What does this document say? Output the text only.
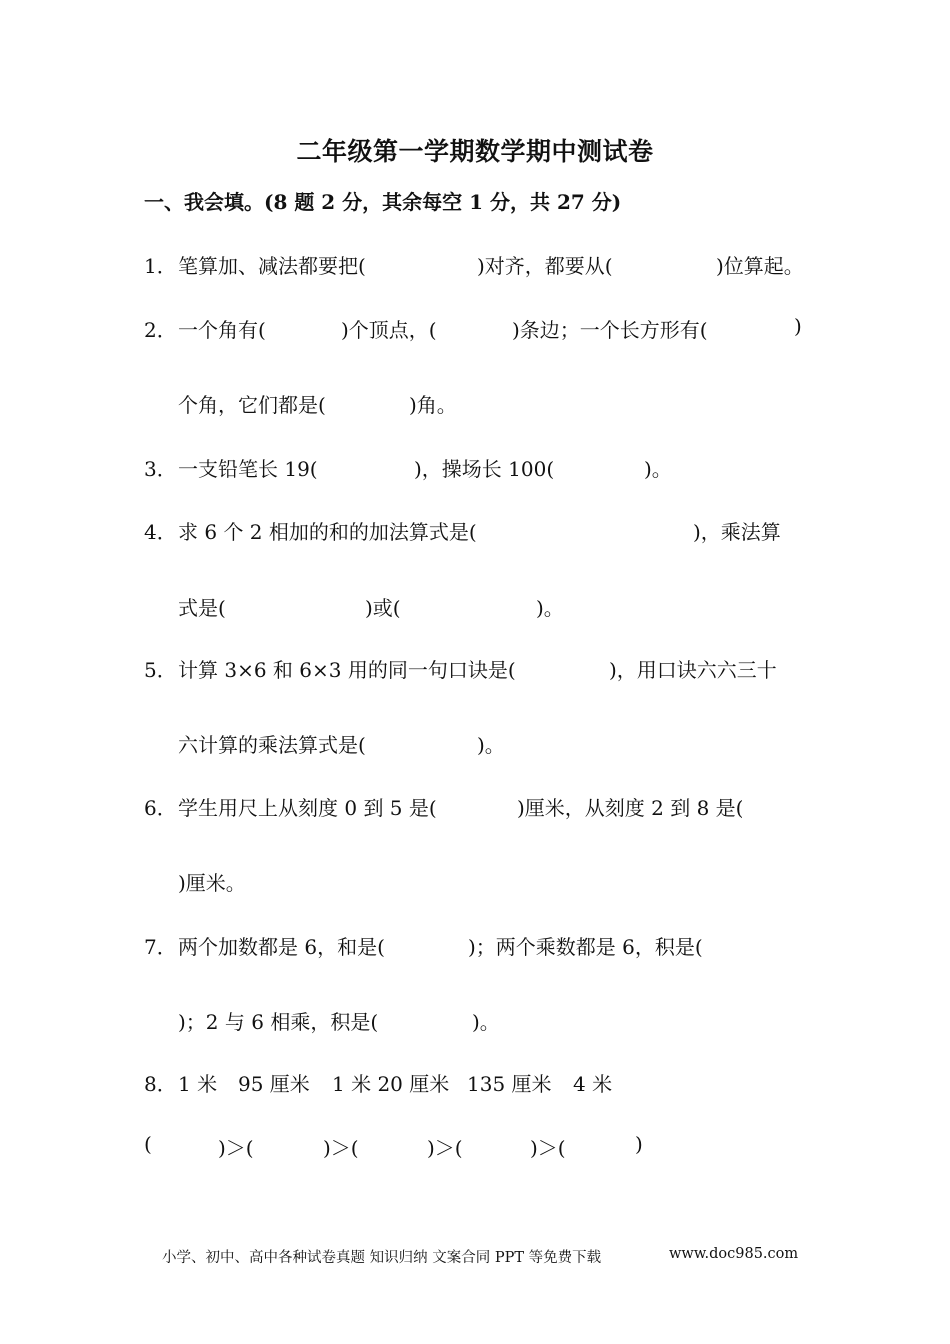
二年级第一学期数学期中测试卷
一、我会填。(8 题 2 分，其余每空 1 分，共 27 分)
1． 笔算加、减法都要把(	)对齐，都要从(	)位算起。
2． 一个角有(	)个顶点，(	)条边；一个长方形有(	)
个角，它们都是(	)角。
3． 一支铅笔长 19(	)，操场长 100(	)。
4． 求 6 个 2 相加的和的加法算式是(	)，乘法算
式是(	)或(	)。
5． 计算 3×6 和 6×3 用的同一句口诀是(	)，用口诀六六三十
六计算的乘法算式是(	)。
6． 学生用尺上从刻度 0 到 5 是(	)厘米，从刻度 2 到 8 是(
)厘米。
7． 两个加数都是 6，和是(	)；两个乘数都是 6，积是(
)；2 与 6 相乘，积是(	)。
8． 1 米 95 厘米 1 米 20 厘米 135 厘米 4 米
(	)＞(	)＞(	)＞(	)＞(	)
小学、初中、高中各种试卷真题 知识归纳 文案合同 PPT 等免费下载	www.doc985.com
